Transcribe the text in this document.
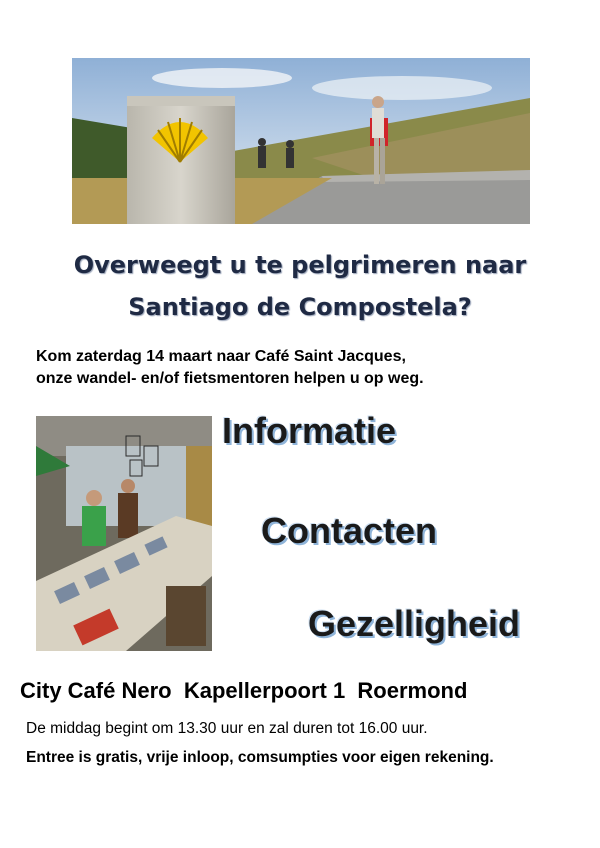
Overweegt u te pelgrimeren naar
Santiago de Compostela?
Kom zaterdag 14 maart naar Café Saint Jacques,
onze wandel- en/of fietsmentoren helpen u op weg.
Informatie
Contacten
Gezelligheid
City Café Nero  Kapellerpoort 1  Roermond
De middag begint om 13.30 uur en zal duren tot 16.00 uur.
Entree is gratis, vrije inloop, comsumpties voor eigen rekening.
